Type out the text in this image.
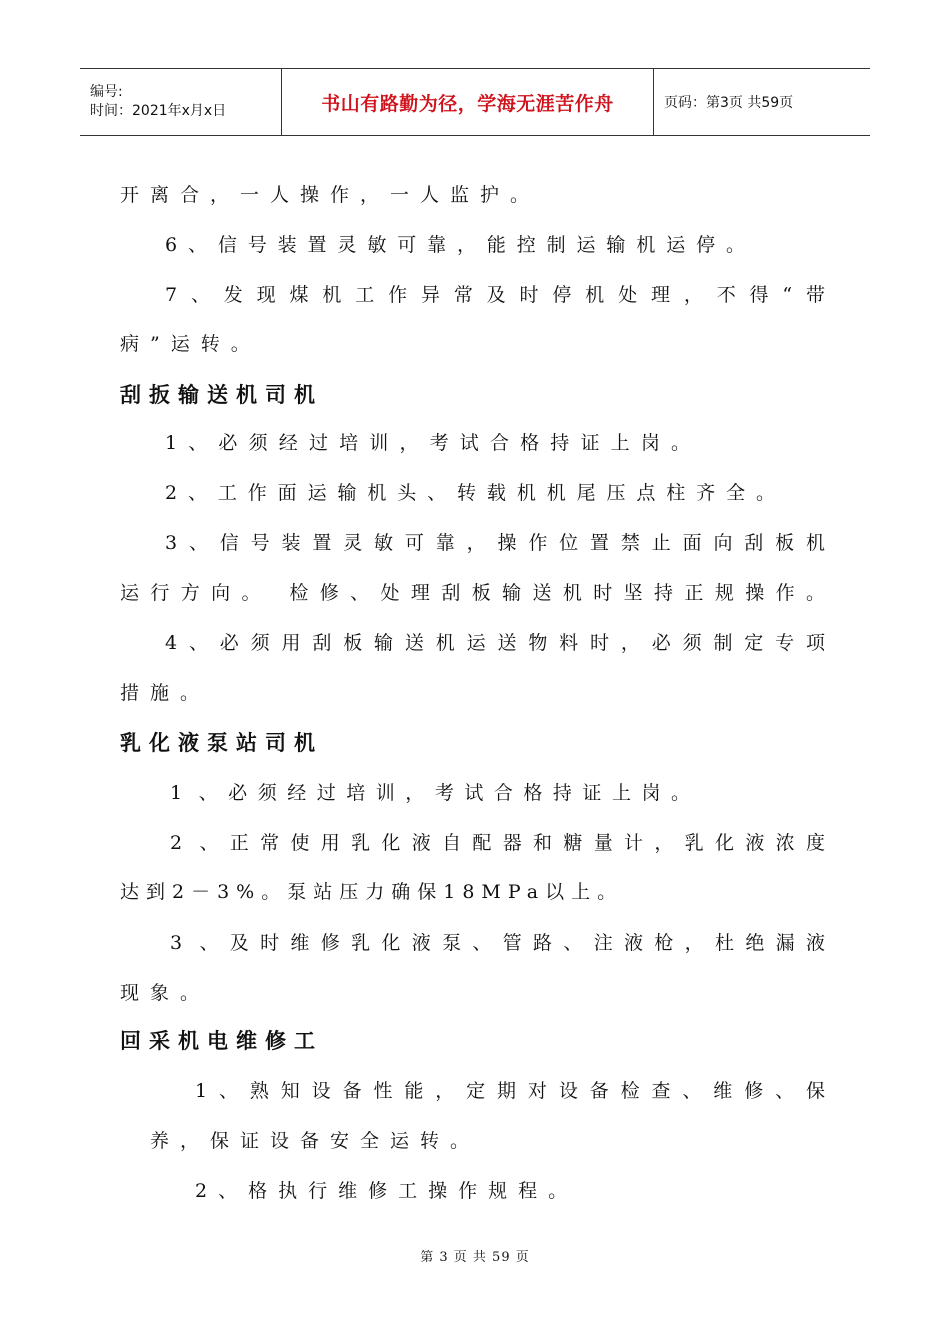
编号:
时间：2021年x月x日	书山有路勤为径，学海无涯苦作舟	页码：第3页 共59页
开离合，一人操作，一人监护。
6、信号装置灵敏可靠，能控制运输机运停。
7、发现煤机工作异常及时停机处理，不得“带
病”运转。
刮扳输送机司机
1、必须经过培训，考试合格持证上岗。
2、工作面运输机头、转载机机尾压点柱齐全。
3、信号装置灵敏可靠，操作位置禁止面向刮板机
运行方向。 检修、处理刮板输送机时坚持正规操作。
4、必须用刮板输送机运送物料时，必须制定专项
措施。
乳化液泵站司机
1 、必须经过培训，考试合格持证上岗。
2 、正常使用乳化液自配器和糖量计，乳化液浓度
达到2－3%。泵站压力确保18MPa以上。
3 、及时维修乳化液泵、管路、注液枪，杜绝漏液
现象。
回采机电维修工
1、熟知设备性能，定期对设备检查、维修、保
养，保证设备安全运转。
2、格执行维修工操作规程。
第 3 页 共 59 页
